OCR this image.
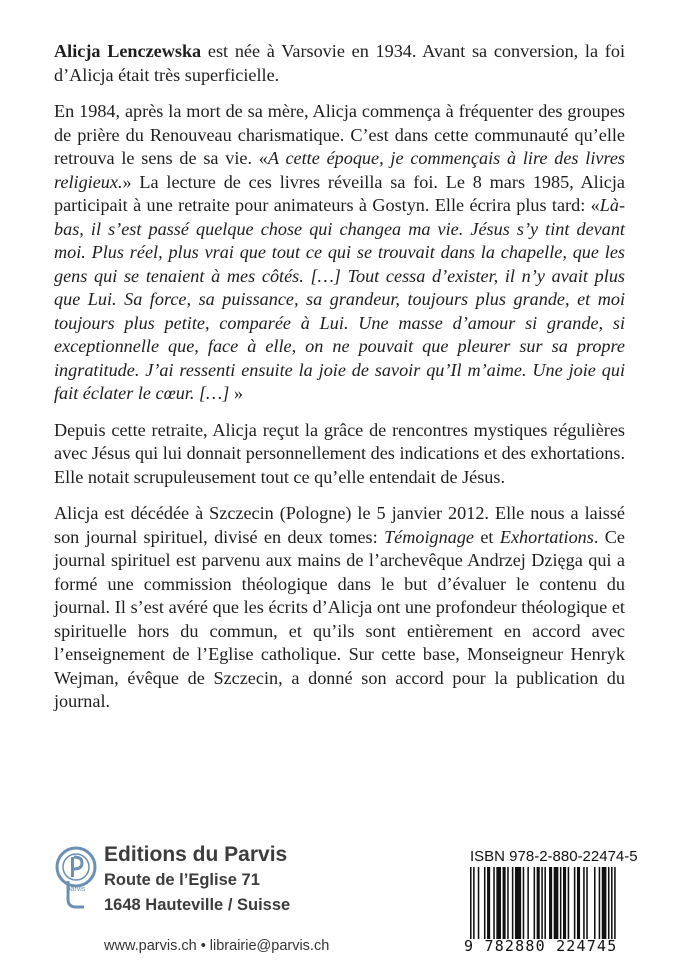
Alicja Lenczewska est née à Varsovie en 1934. Avant sa conversion, la foi d’Alicja était très superficielle.

En 1984, après la mort de sa mère, Alicja commença à fréquenter des groupes de prière du Renouveau charismatique. C’est dans cette communauté qu’elle retrouva le sens de sa vie. «A cette époque, je commençais à lire des livres religieux.» La lecture de ces livres réveilla sa foi. Le 8 mars 1985, Alicja participait à une retraite pour animateurs à Gostyn. Elle écrira plus tard: «Là-bas, il s’est passé quelque chose qui changea ma vie. Jésus s’y tint devant moi. Plus réel, plus vrai que tout ce qui se trouvait dans la chapelle, que les gens qui se tenaient à mes côtés. […] Tout cessa d’exister, il n’y avait plus que Lui. Sa force, sa puissance, sa grandeur, toujours plus grande, et moi toujours plus petite, comparée à Lui. Une masse d’amour si grande, si exceptionnelle que, face à elle, on ne pouvait que pleurer sur sa propre ingratitude. J’ai ressenti ensuite la joie de savoir qu’Il m’aime. Une joie qui fait éclater le cœur. […] »

Depuis cette retraite, Alicja reçut la grâce de rencontres mystiques régulières avec Jésus qui lui donnait personnellement des indications et des exhortations. Elle notait scrupuleusement tout ce qu’elle entendait de Jésus.

Alicja est décédée à Szczecin (Pologne) le 5 janvier 2012. Elle nous a laissé son journal spirituel, divisé en deux tomes: Témoignage et Exhortations. Ce journal spirituel est parvenu aux mains de l’archevêque Andrzej Dzięga qui a formé une commission théologique dans le but d’évaluer le contenu du journal. Il s’est avéré que les écrits d’Alicja ont une profondeur théologique et spirituelle hors du commun, et qu’ils sont entièrement en accord avec l’enseignement de l’Eglise catholique. Sur cette base, Monseigneur Henryk Wejman, évêque de Szczecin, a donné son accord pour la publication du journal.

parvis
Editions du Parvis
Route de l’Eglise 71
1648 Hauteville / Suisse
www.parvis.ch • librairie@parvis.ch
ISBN 978-2-880-22474-5
9 782880 224745
